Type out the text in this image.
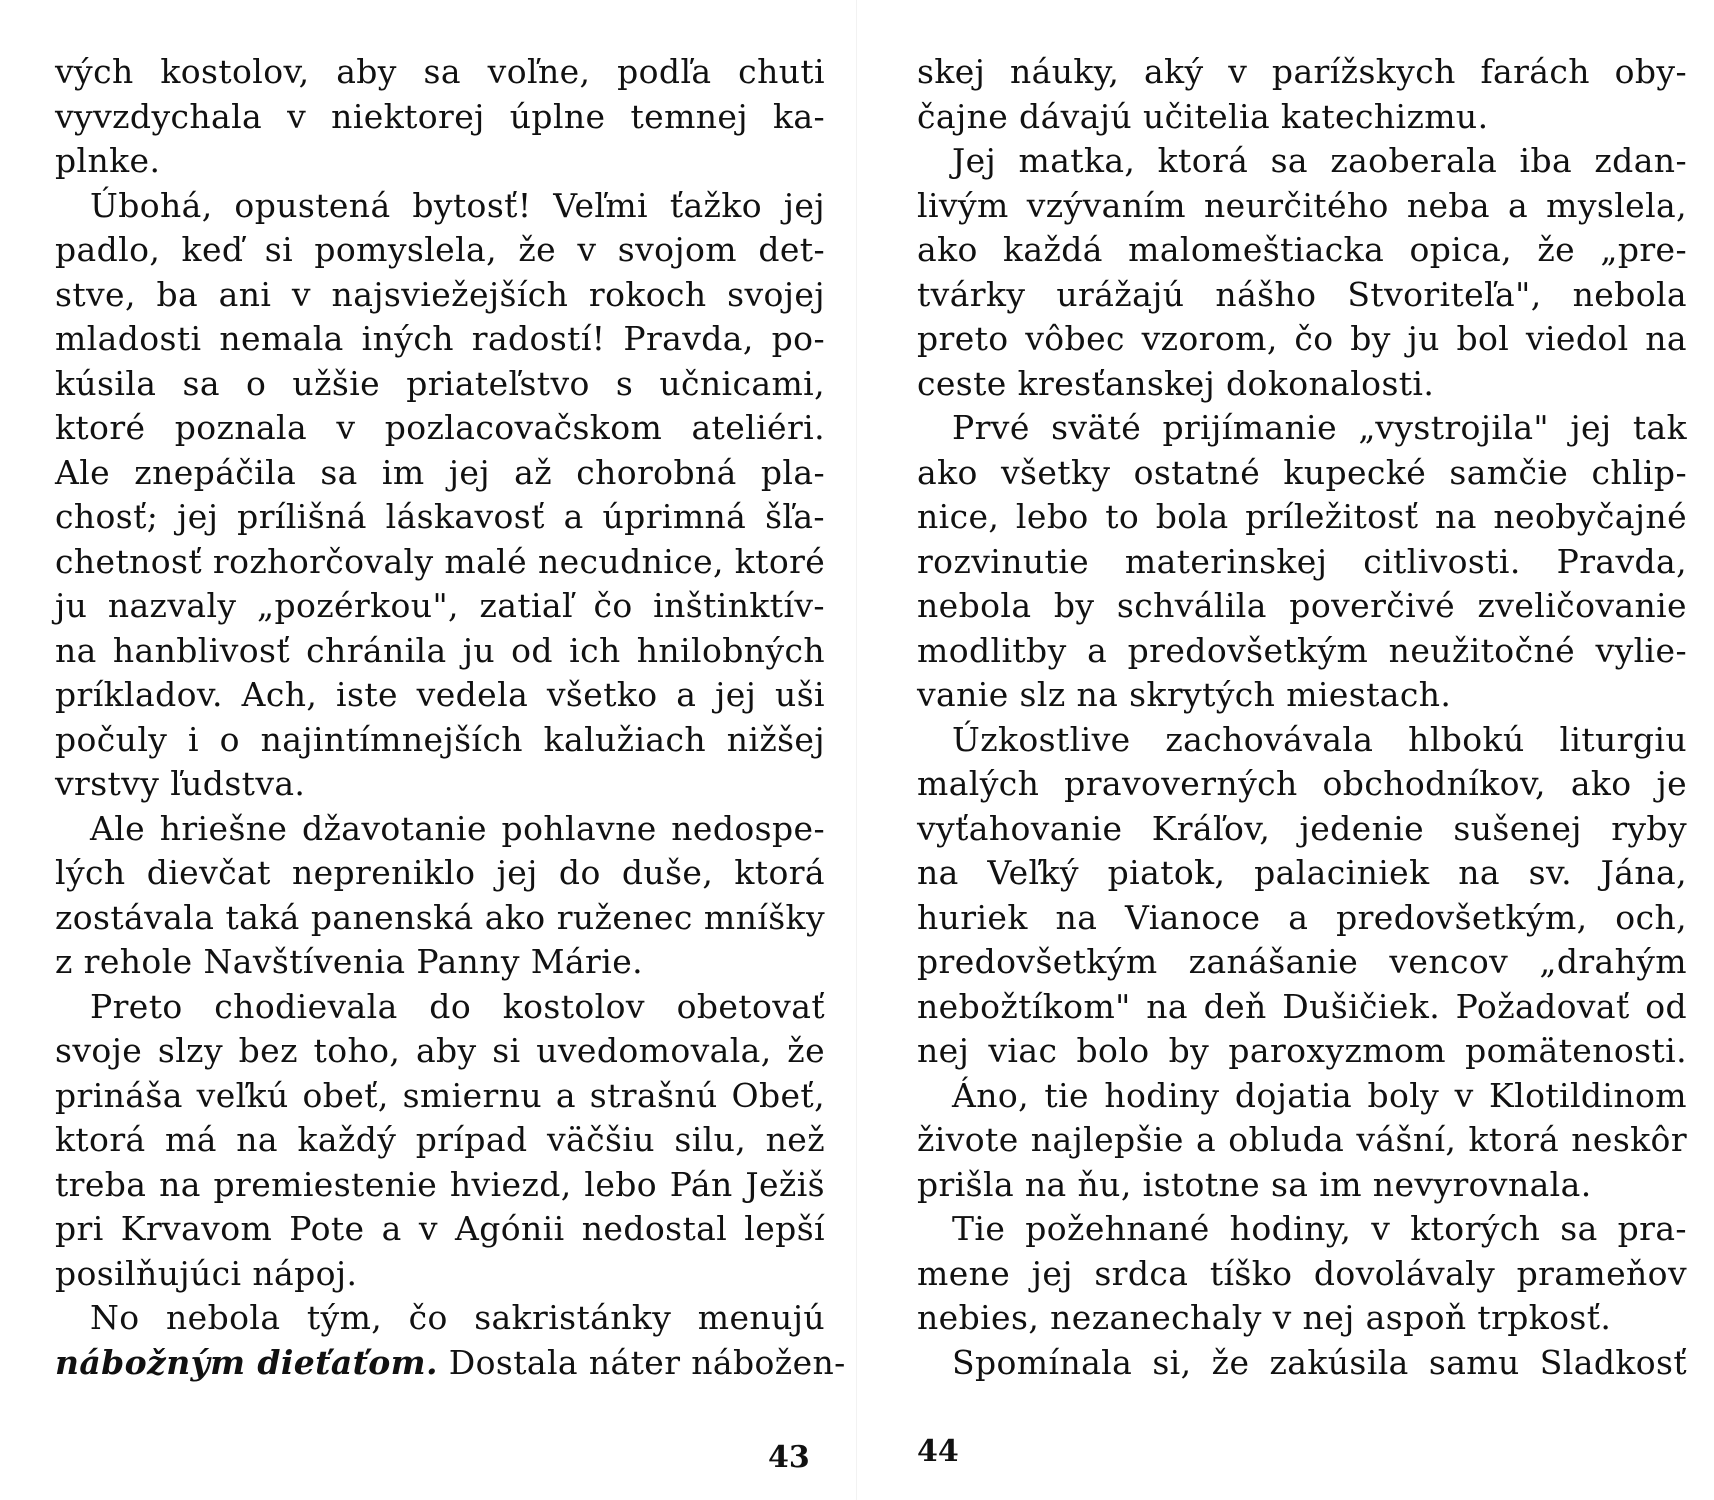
vých kostolov, aby sa voľne, podľa chuti
vyvzdychala v niektorej úplne temnej ka-
plnke.
Úbohá, opustená bytosť! Veľmi ťažko jej
padlo, keď si pomyslela, že v svojom det-
stve, ba ani v najsviežejších rokoch svojej
mladosti nemala iných radostí! Pravda, po-
kúsila sa o užšie priateľstvo s učnicami,
ktoré poznala v pozlacovačskom ateliéri.
Ale znepáčila sa im jej až chorobná pla-
chosť; jej prílišná láskavosť a úprimná šľa-
chetnosť rozhorčovaly malé necudnice, ktoré
ju nazvaly „pozérkou", zatiaľ čo inštinktív-
na hanblivosť chránila ju od ich hnilobných
príkladov. Ach, iste vedela všetko a jej uši
počuly i o najintímnejších kalužiach nižšej
vrstvy ľudstva.
Ale hriešne džavotanie pohlavne nedospe-
lých dievčat nepreniklo jej do duše, ktorá
zostávala taká panenská ako ruženec mníšky
z rehole Navštívenia Panny Márie.
Preto chodievala do kostolov obetovať
svoje slzy bez toho, aby si uvedomovala, že
prináša veľkú obeť, smiernu a strašnú Obeť,
ktorá má na každý prípad väčšiu silu, než
treba na premiestenie hviezd, lebo Pán Ježiš
pri Krvavom Pote a v Agónii nedostal lepší
posilňujúci nápoj.
No nebola tým, čo sakristánky menujú
nábožným dieťaťom. Dostala náter nábožen-
43
skej náuky, aký v parížskych farách oby-
čajne dávajú učitelia katechizmu.
Jej matka, ktorá sa zaoberala iba zdan-
livým vzývaním neurčitého neba a myslela,
ako každá malomeštiacka opica, že „pre-
tvárky urážajú nášho Stvoriteľa", nebola
preto vôbec vzorom, čo by ju bol viedol na
ceste kresťanskej dokonalosti.
Prvé sväté prijímanie „vystrojila" jej tak
ako všetky ostatné kupecké samčie chlip-
nice, lebo to bola príležitosť na neobyčajné
rozvinutie materinskej citlivosti. Pravda,
nebola by schválila poverčivé zveličovanie
modlitby a predovšetkým neužitočné vylie-
vanie slz na skrytých miestach.
Úzkostlive zachovávala hlbokú liturgiu
malých pravoverných obchodníkov, ako je
vyťahovanie Kráľov, jedenie sušenej ryby
na Veľký piatok, palaciniek na sv. Jána,
huriek na Vianoce a predovšetkým, och,
predovšetkým zanášanie vencov „drahým
nebožtíkom" na deň Dušičiek. Požadovať od
nej viac bolo by paroxyzmom pomätenosti.
Áno, tie hodiny dojatia boly v Klotildinom
živote najlepšie a obluda vášní, ktorá neskôr
prišla na ňu, istotne sa im nevyrovnala.
Tie požehnané hodiny, v ktorých sa pra-
mene jej srdca tíško dovolávaly prameňov
nebies, nezanechaly v nej aspoň trpkosť.
Spomínala si, že zakúsila samu Sladkosť
44
